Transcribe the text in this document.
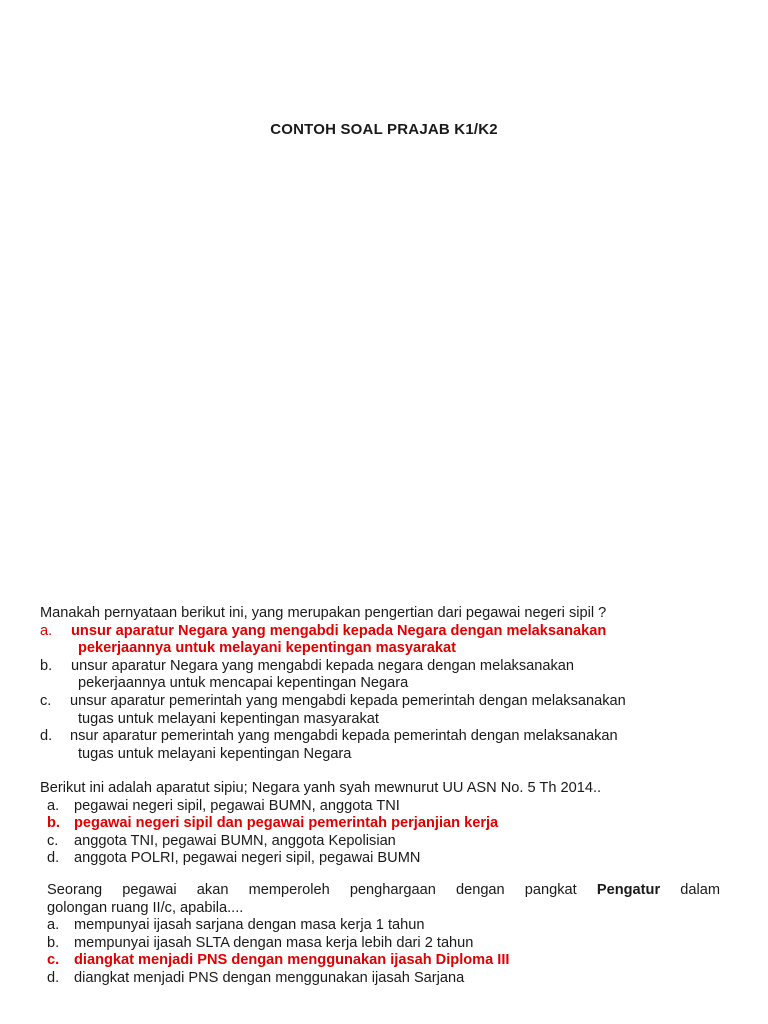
CONTOH SOAL PRAJAB K1/K2
Manakah pernyataan berikut ini, yang merupakan pengertian dari pegawai negeri sipil ?
a.	unsur aparatur Negara yang mengabdi kepada Negara dengan melaksanakan
pekerjaannya untuk melayani kepentingan masyarakat
b.	unsur aparatur Negara yang mengabdi kepada negara dengan melaksanakan
pekerjaannya untuk mencapai kepentingan Negara
c.	unsur aparatur pemerintah yang mengabdi kepada pemerintah dengan melaksanakan
tugas untuk melayani kepentingan masyarakat
d.	nsur aparatur pemerintah yang mengabdi kepada pemerintah dengan melaksanakan
tugas untuk melayani kepentingan Negara
Berikut ini adalah aparatut sipiu; Negara yanh syah mewnurut UU ASN No. 5 Th 2014..
a.	pegawai negeri sipil, pegawai BUMN, anggota TNI
b. pegawai negeri sipil dan pegawai pemerintah perjanjian kerja
c.	anggota TNI, pegawai BUMN, anggota Kepolisian
d.	anggota POLRI, pegawai negeri sipil, pegawai BUMN
Seorang pegawai akan memperoleh penghargaan dengan pangkat Pengatur dalam
golongan ruang II/c, apabila....
a.	mempunyai ijasah sarjana dengan masa kerja 1 tahun
b.	mempunyai ijasah SLTA dengan masa kerja lebih dari 2 tahun
c.	diangkat menjadi PNS dengan menggunakan ijasah Diploma III
d.	diangkat menjadi PNS dengan menggunakan ijasah Sarjana
